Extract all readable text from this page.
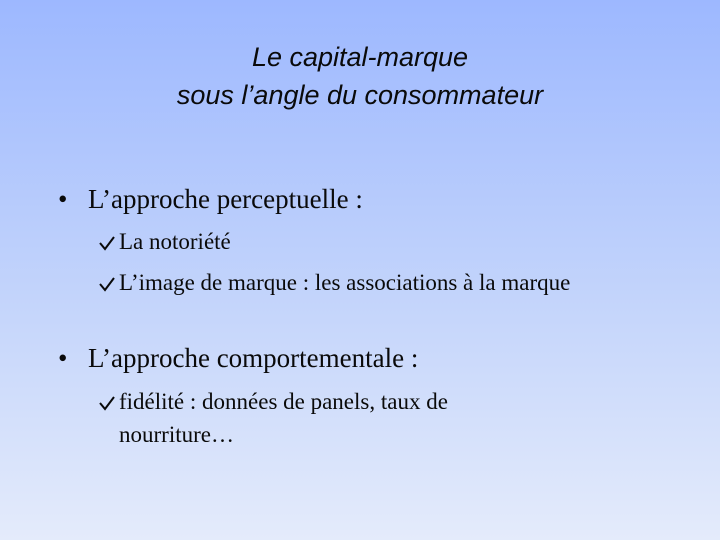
Le capital-marque
sous l’angle du consommateur
• L’approche perceptuelle :
La notoriété
L’image de marque : les associations à la marque
• L’approche comportementale :
fidélité : données de panels, taux de nourriture…
